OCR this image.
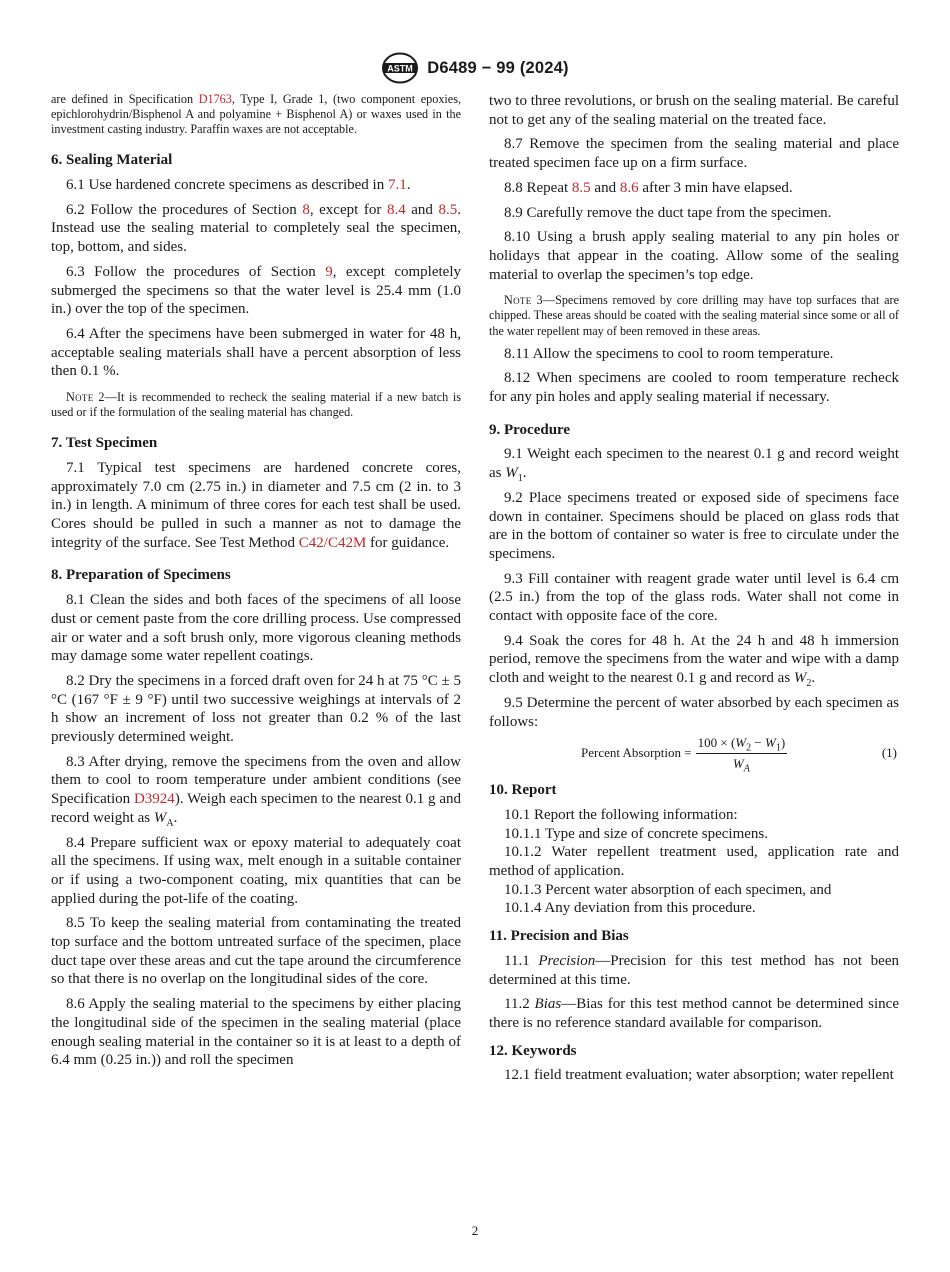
ASTM D6489 − 99 (2024)

are defined in Specification D1763, Type I, Grade 1, (two component epoxies, epichlorohydrin/Bisphenol A and polyamine + Bisphenol A) or waxes used in the investment casting industry. Paraffin waxes are not acceptable.

6. Sealing Material

6.1 Use hardened concrete specimens as described in 7.1.

6.2 Follow the procedures of Section 8, except for 8.4 and 8.5. Instead use the sealing material to completely seal the specimen, top, bottom, and sides.

6.3 Follow the procedures of Section 9, except completely submerged the specimens so that the water level is 25.4 mm (1.0 in.) over the top of the specimen.

6.4 After the specimens have been submerged in water for 48 h, acceptable sealing materials shall have a percent absorption of less then 0.1 %.

Note 2—It is recommended to recheck the sealing material if a new batch is used or if the formulation of the sealing material has changed.

7. Test Specimen

7.1 Typical test specimens are hardened concrete cores, approximately 7.0 cm (2.75 in.) in diameter and 7.5 cm (2 in. to 3 in.) in length. A minimum of three cores for each test shall be used. Cores should be pulled in such a manner as not to damage the integrity of the surface. See Test Method C42/C42M for guidance.

8. Preparation of Specimens

8.1 Clean the sides and both faces of the specimens of all loose dust or cement paste from the core drilling process. Use compressed air or water and a soft brush only, more vigorous cleaning methods may damage some water repellent coatings.

8.2 Dry the specimens in a forced draft oven for 24 h at 75 °C ± 5 °C (167 °F ± 9 °F) until two successive weighings at intervals of 2 h show an increment of loss not greater than 0.2 % of the last previously determined weight.

8.3 After drying, remove the specimens from the oven and allow them to cool to room temperature under ambient conditions (see Specification D3924). Weigh each specimen to the nearest 0.1 g and record weight as $W_A$.

8.4 Prepare sufficient wax or epoxy material to adequately coat all the specimens. If using wax, melt enough in a suitable container or if using a two-component coating, mix quantities that can be applied during the pot-life of the coating.

8.5 To keep the sealing material from contaminating the treated top surface and the bottom untreated surface of the specimen, place duct tape over these areas and cut the tape around the circumference so that there is no overlap on the longitudinal sides of the core.

8.6 Apply the sealing material to the specimens by either placing the longitudinal side of the specimen in the sealing material (place enough sealing material in the container so it is at least to a depth of 6.4 mm (0.25 in.)) and roll the specimen

two to three revolutions, or brush on the sealing material. Be careful not to get any of the sealing material on the treated face.

8.7 Remove the specimen from the sealing material and place treated specimen face up on a firm surface.

8.8 Repeat 8.5 and 8.6 after 3 min have elapsed.

8.9 Carefully remove the duct tape from the specimen.

8.10 Using a brush apply sealing material to any pin holes or holidays that appear in the coating. Allow some of the sealing material to overlap the specimen’s top edge.

Note 3—Specimens removed by core drilling may have top surfaces that are chipped. These areas should be coated with the sealing material since some or all of the water repellent may of been removed in these areas.

8.11 Allow the specimens to cool to room temperature.

8.12 When specimens are cooled to room temperature recheck for any pin holes and apply sealing material if necessary.

9. Procedure

9.1 Weight each specimen to the nearest 0.1 g and record weight as $W_1$.

9.2 Place specimens treated or exposed side of specimens face down in container. Specimens should be placed on glass rods that are in the bottom of container so water is free to circulate under the specimens.

9.3 Fill container with reagent grade water until level is 6.4 cm (2.5 in.) from the top of the glass rods. Water shall not come in contact with opposite face of the core.

9.4 Soak the cores for 48 h. At the 24 h and 48 h immersion period, remove the specimens from the water and wipe with a damp cloth and weight to the nearest 0.1 g and record as $W_2$.

9.5 Determine the percent of water absorbed by each specimen as follows:

Percent Absorption = $\frac{100 \times (W_2 - W_1)}{W_A}$	(1)
10. Report

10.1 Report the following information:

10.1.1 Type and size of concrete specimens.

10.1.2 Water repellent treatment used, application rate and method of application.

10.1.3 Percent water absorption of each specimen, and

10.1.4 Any deviation from this procedure.

11. Precision and Bias

11.1 Precision—Precision for this test method has not been determined at this time.

11.2 Bias—Bias for this test method cannot be determined since there is no reference standard available for comparison.

12. Keywords

12.1 field treatment evaluation; water absorption; water repellent

2
